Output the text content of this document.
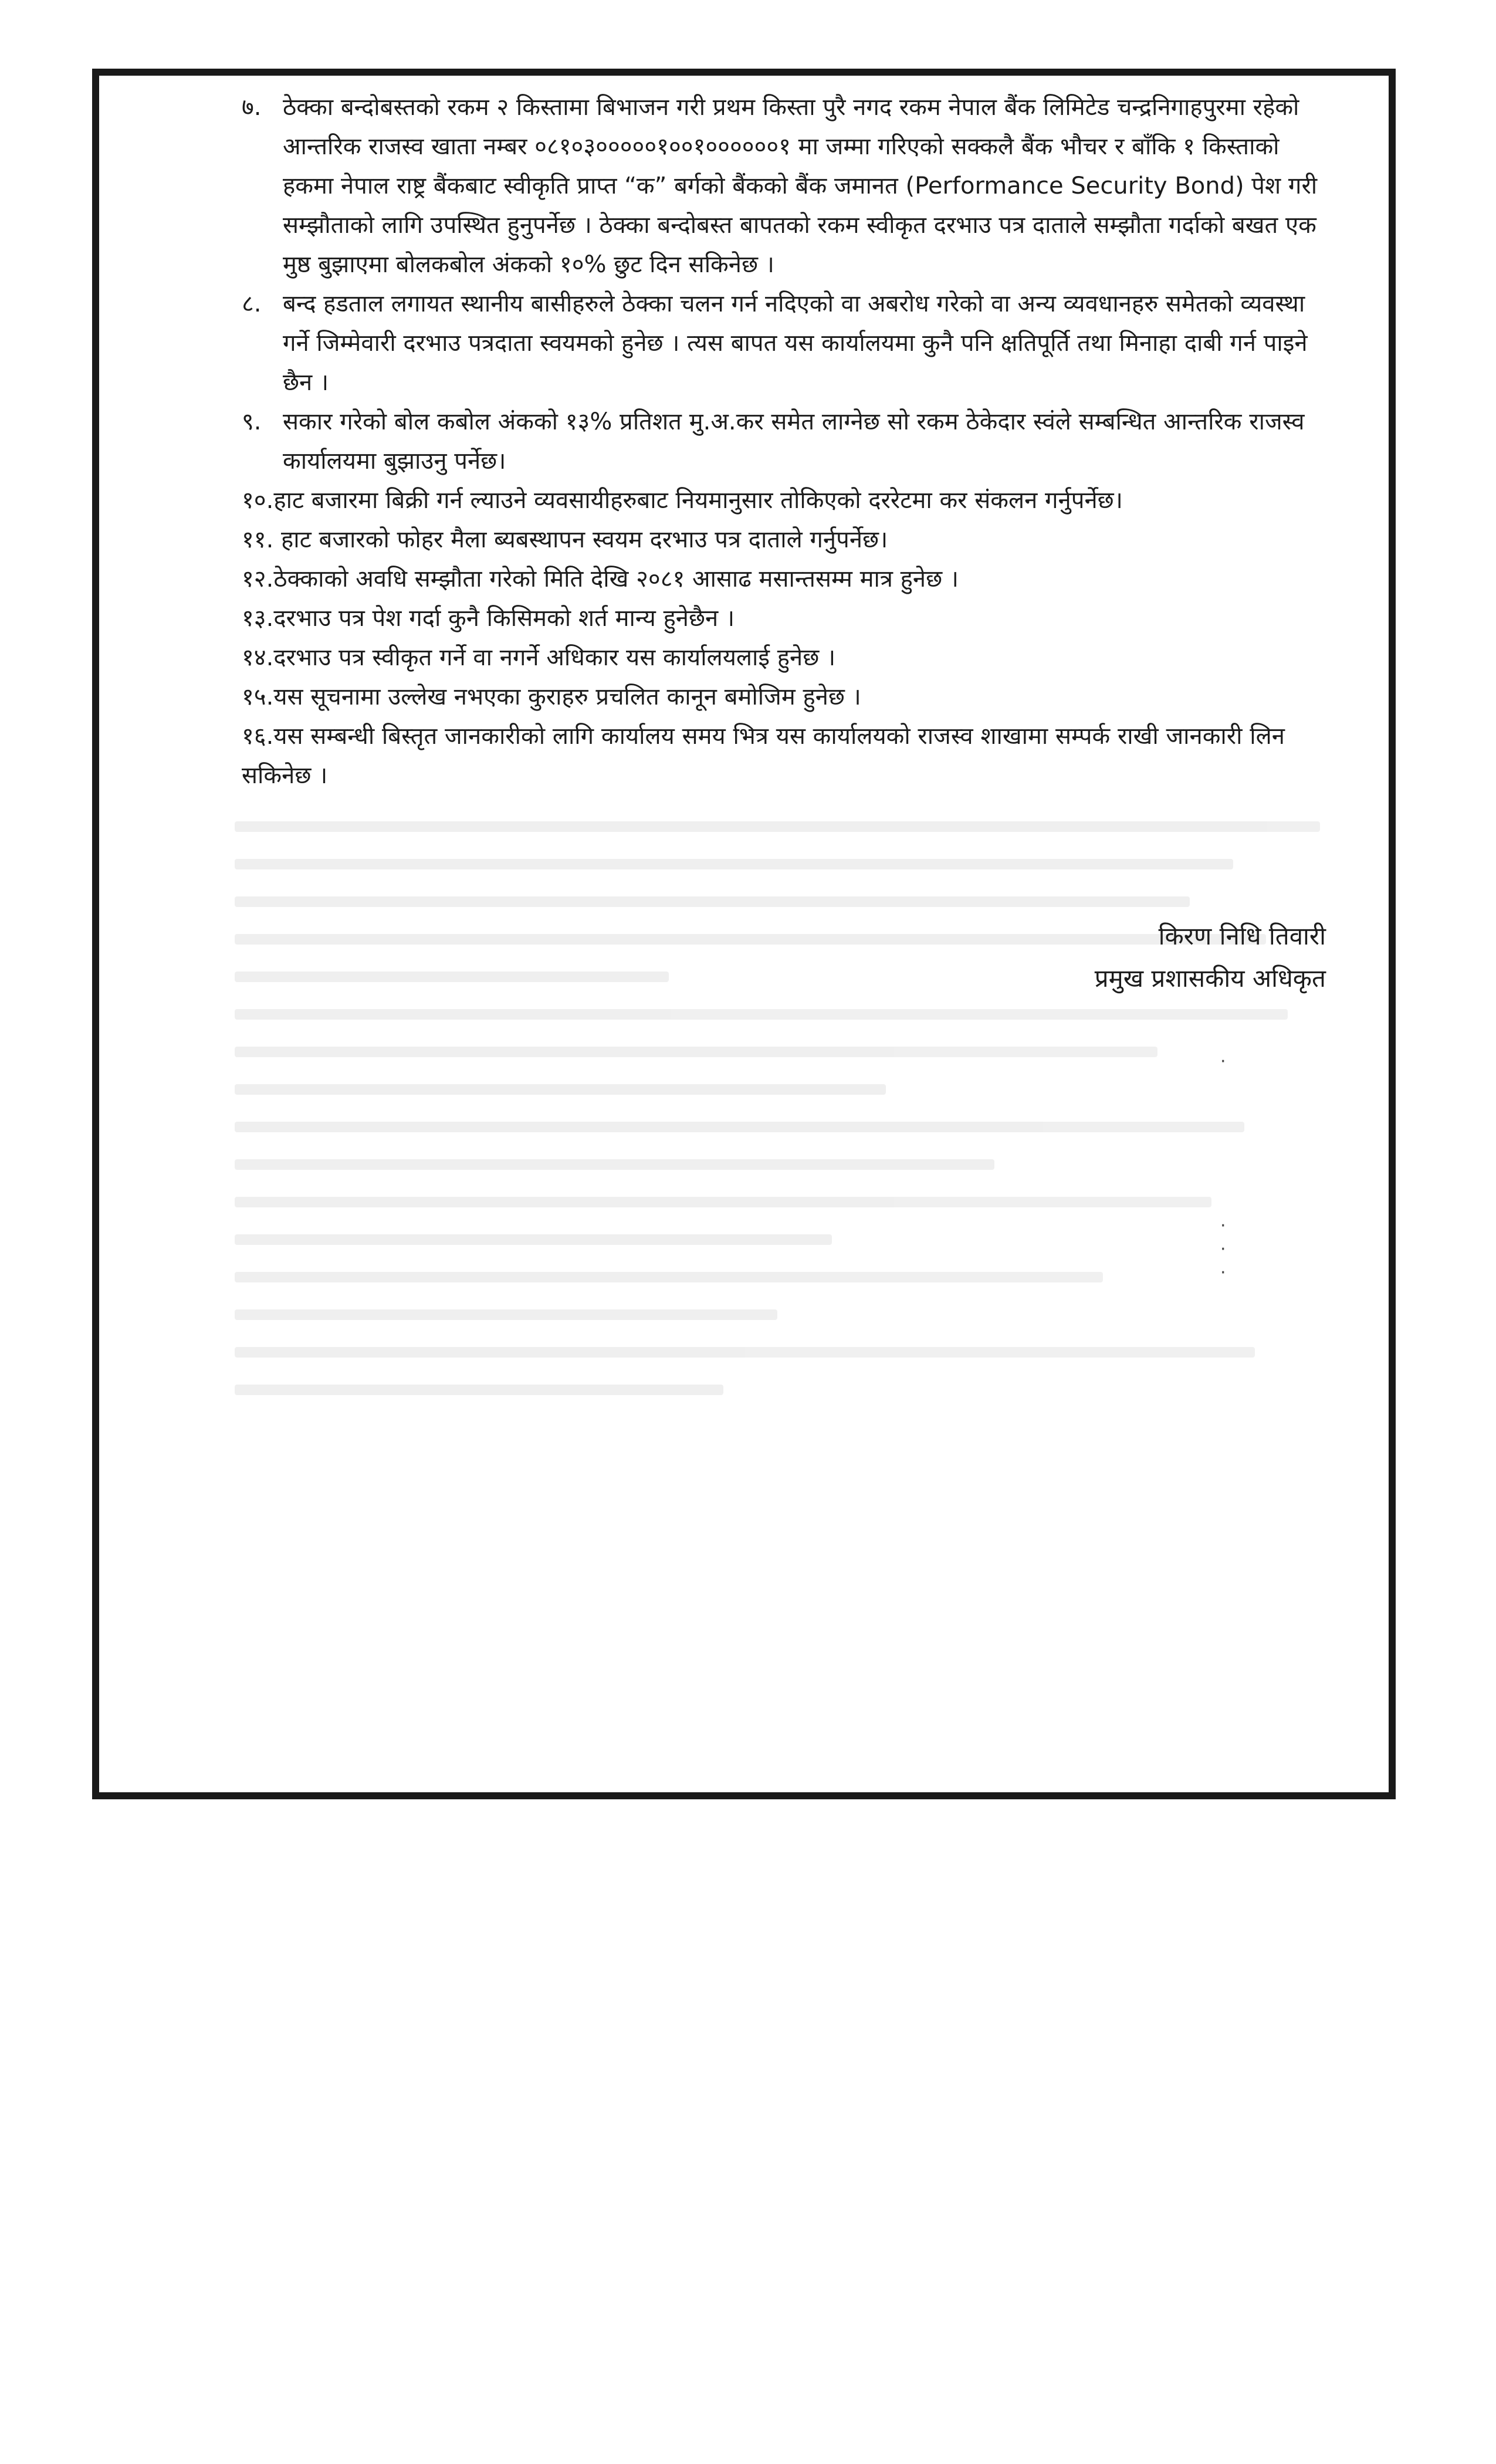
७. ठेक्का बन्दोबस्तको रकम २ किस्तामा बिभाजन गरी प्रथम किस्ता पुरै नगद रकम नेपाल बैंक लिमिटेड चन्द्रनिगाहपुरमा रहेको आन्तरिक राजस्व खाता नम्बर ०८१०३०००००१००१००००००१ मा जम्मा गरिएको सक्कलै बैंक भौचर र बाँकि १ किस्ताको हकमा नेपाल राष्ट्र बैंकबाट स्वीकृति प्राप्त “क” बर्गको बैंकको बैंक जमानत (Performance Security Bond) पेश गरी सम्झौताको लागि उपस्थित हुनुपर्नेछ । ठेक्का बन्दोबस्त बापतको रकम स्वीकृत दरभाउ पत्र दाताले सम्झौता गर्दाको बखत एक मुष्ठ बुझाएमा बोलकबोल अंकको १०% छुट दिन सकिनेछ ।

८. बन्द हडताल लगायत स्थानीय बासीहरुले ठेक्का चलन गर्न नदिएको वा अबरोध गरेको वा अन्य व्यवधानहरु समेतको व्यवस्था गर्ने जिम्मेवारी दरभाउ पत्रदाता स्वयमको हुनेछ । त्यस बापत यस कार्यालयमा कुनै पनि क्षतिपूर्ति तथा मिनाहा दाबी गर्न पाइने छैन ।

९. सकार गरेको बोल कबोल अंकको १३% प्रतिशत मु.अ.कर समेत लाग्नेछ सो रकम ठेकेदार स्वंले सम्बन्धित आन्तरिक राजस्व कार्यालयमा बुझाउनु पर्नेछ।

१०.हाट बजारमा बिक्री गर्न ल्याउने व्यवसायीहरुबाट नियमानुसार तोकिएको दररेटमा कर संकलन गर्नुपर्नेछ।

११. हाट बजारको फोहर मैला ब्यबस्थापन स्वयम दरभाउ पत्र दाताले गर्नुपर्नेछ।

१२.ठेक्काको अवधि सम्झौता गरेको मिति देखि २०८१ आसाढ मसान्तसम्म मात्र हुनेछ ।

१३.दरभाउ पत्र पेश गर्दा कुनै किसिमको शर्त मान्य हुनेछैन ।

१४.दरभाउ पत्र स्वीकृत गर्ने वा नगर्ने अधिकार यस कार्यालयलाई हुनेछ ।

१५.यस सूचनामा उल्लेख नभएका कुराहरु प्रचलित कानून बमोजिम हुनेछ ।

१६.यस सम्बन्धी बिस्तृत जानकारीको लागि कार्यालय समय भित्र यस कार्यालयको राजस्व शाखामा सम्पर्क राखी जानकारी लिन सकिनेछ ।

किरण निधि तिवारी
प्रमुख प्रशासकीय अधिकृत
·

·
·
·
